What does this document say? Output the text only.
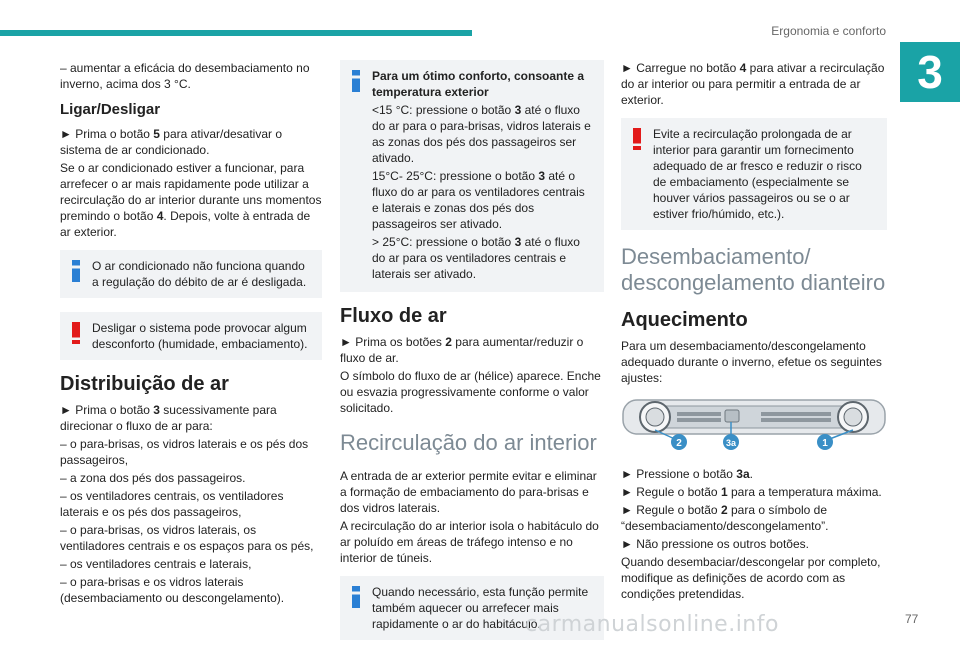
Ergonomia e conforto
3

– aumentar a eficácia do desembaciamento no inverno, acima dos 3 °C.

Ligar/Desligar

► Prima o botão 5 para ativar/desativar o sistema de ar condicionado.

Se o ar condicionado estiver a funcionar, para arrefecer o ar mais rapidamente pode utilizar a recirculação do ar interior durante uns momentos premindo o botão 4. Depois, volte à entrada de ar exterior.

O ar condicionado não funciona quando a regulação do débito de ar é desligada.
Desligar o sistema pode provocar algum desconforto (humidade, embaciamento).
Distribuição de ar

► Prima o botão 3 sucessivamente para direcionar o fluxo de ar para:

– o para-brisas, os vidros laterais e os pés dos passageiros,

– a zona dos pés dos passageiros.

– os ventiladores centrais, os ventiladores laterais e os pés dos passageiros,

– o para-brisas, os vidros laterais, os ventiladores centrais e os espaços para os pés,

– os ventiladores centrais e laterais,

– o para-brisas e os vidros laterais (desembaciamento ou descongelamento).

Para um ótimo conforto, consoante a temperatura exterior

<15 °C: pressione o botão 3 até o fluxo do ar para o para-brisas, vidros laterais e as zonas dos pés dos passageiros ser ativado.

15°C- 25°C: pressione o botão 3 até o fluxo do ar para os ventiladores centrais e laterais e zonas dos pés dos passageiros ser ativado.

> 25°C: pressione o botão 3 até o fluxo do ar para os ventiladores centrais e laterais ser ativado.

Fluxo de ar

► Prima os botões 2 para aumentar/reduzir o fluxo de ar.

O símbolo do fluxo de ar (hélice) aparece. Enche ou esvazia progressivamente conforme o valor solicitado.

Recirculação do ar interior

A entrada de ar exterior permite evitar e eliminar a formação de embaciamento do para-brisas e dos vidros laterais.

A recirculação do ar interior isola o habitáculo do ar poluído em áreas de tráfego intenso e no interior de túneis.

Quando necessário, esta função permite também aquecer ou arrefecer mais rapidamente o ar do habitáculo.

► Carregue no botão 4 para ativar a recirculação do ar interior ou para permitir a entrada de ar exterior.

Evite a recirculação prolongada de ar interior para garantir um fornecimento adequado de ar fresco e reduzir o risco de embaciamento (especialmente se houver vários passageiros ou se o ar estiver frio/húmido, etc.).
Desembaciamento/ descongelamento dianteiro
Aquecimento

Para um desembaciamento/descongelamento adequado durante o inverno, efetue os seguintes ajustes:

2	3a	1

► Pressione o botão 3a.

► Regule o botão 1 para a temperatura máxima.

► Regule o botão 2 para o símbolo de “desembaciamento/descongelamento”.

► Não pressione os outros botões.

Quando desembaciar/descongelar por completo, modifique as definições de acordo com as condições pretendidas.

carmanualsonline.info	77
